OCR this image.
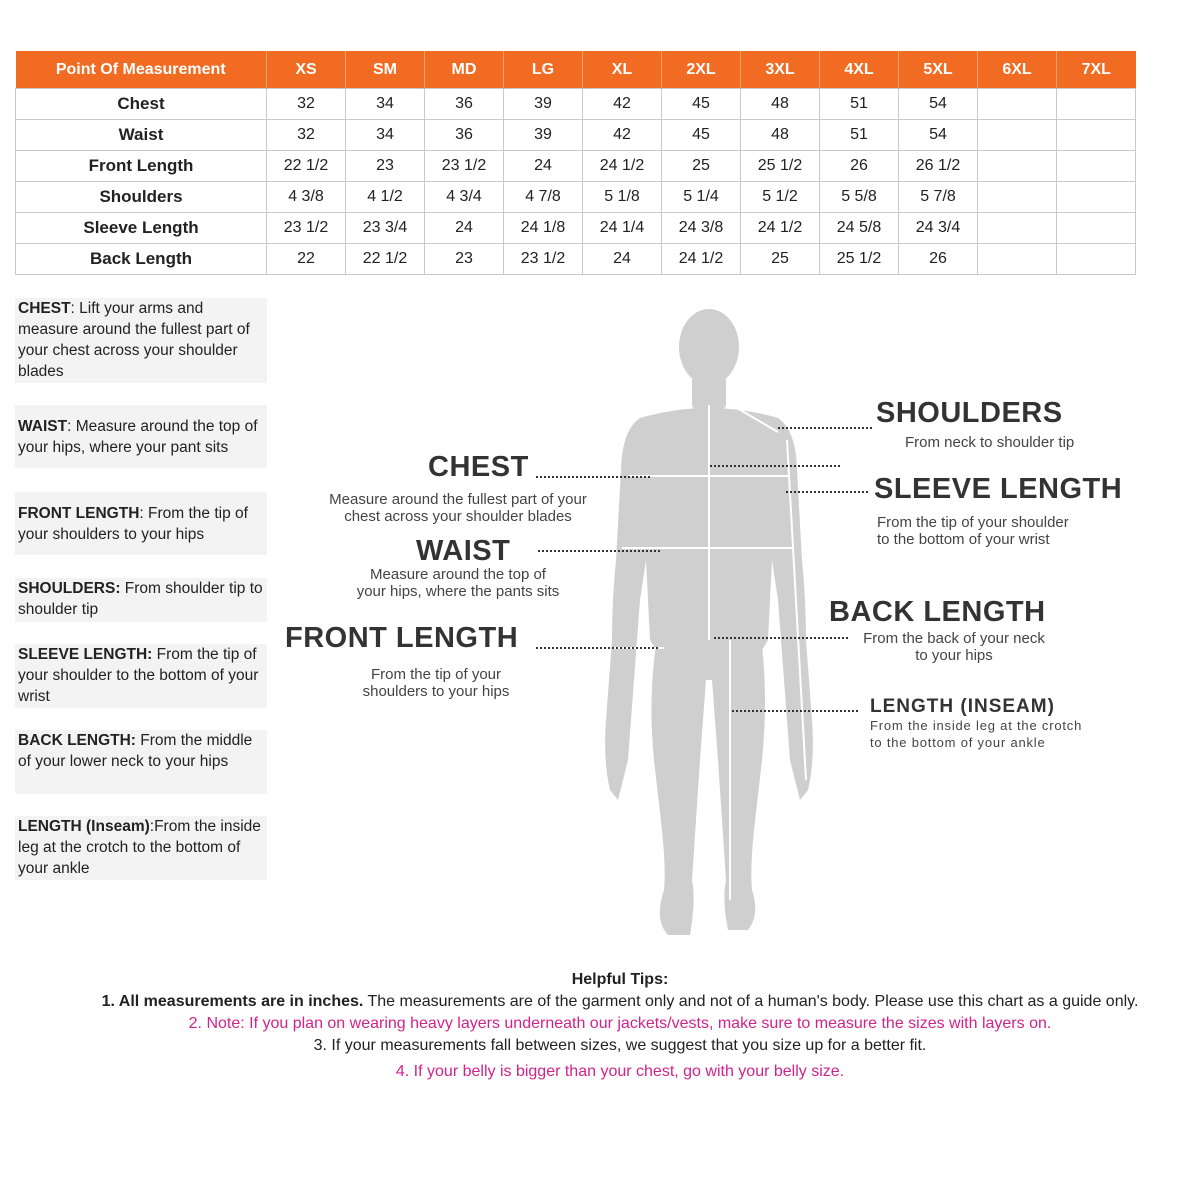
Point Of Measurement	XS	SM	MD	LG	XL	2XL	3XL	4XL	5XL	6XL	7XL
Chest	32	34	36	39	42	45	48	51	54		
Waist	32	34	36	39	42	45	48	51	54		
Front Length	22 1/2	23	23 1/2	24	24 1/2	25	25 1/2	26	26 1/2		
Shoulders	4 3/8	4 1/2	4 3/4	4 7/8	5 1/8	5 1/4	5 1/2	5 5/8	5 7/8		
Sleeve Length	23 1/2	23 3/4	24	24 1/8	24 1/4	24 3/8	24 1/2	24 5/8	24 3/4		
Back Length	22	22 1/2	23	23 1/2	24	24 1/2	25	25 1/2	26		
CHEST: Lift your arms and measure around the fullest part of your chest across your shoulder blades
WAIST: Measure around the top of your hips, where your pant sits
FRONT LENGTH: From the tip of your shoulders to your hips
SHOULDERS: From shoulder tip to shoulder tip
SLEEVE LENGTH: From the tip of your shoulder to the bottom of your wrist
BACK LENGTH: From the middle of your lower neck to your hips
LENGTH (Inseam):From the inside leg at the crotch to the bottom of your ankle
CHEST
Measure around the fullest part of your
chest across your shoulder blades
WAIST
Measure around the top of
your hips, where the pants sits
FRONT LENGTH
From the tip of your
shoulders to your hips
SHOULDERS
From neck to shoulder tip
SLEEVE LENGTH
From the tip of your shoulder
to the bottom of your wrist
BACK LENGTH
From the back of your neck
to your hips
LENGTH (INSEAM)
From the inside leg at the crotch
to the bottom of your ankle
Helpful Tips:
1. All measurements are in inches. The measurements are of the garment only and not of a human's body. Please use this chart as a guide only.
2. Note: If you plan on wearing heavy layers underneath our jackets/vests, make sure to measure the sizes with layers on.
3. If your measurements fall between sizes, we suggest that you size up for a better fit.
4. If your belly is bigger than your chest, go with your belly size.
